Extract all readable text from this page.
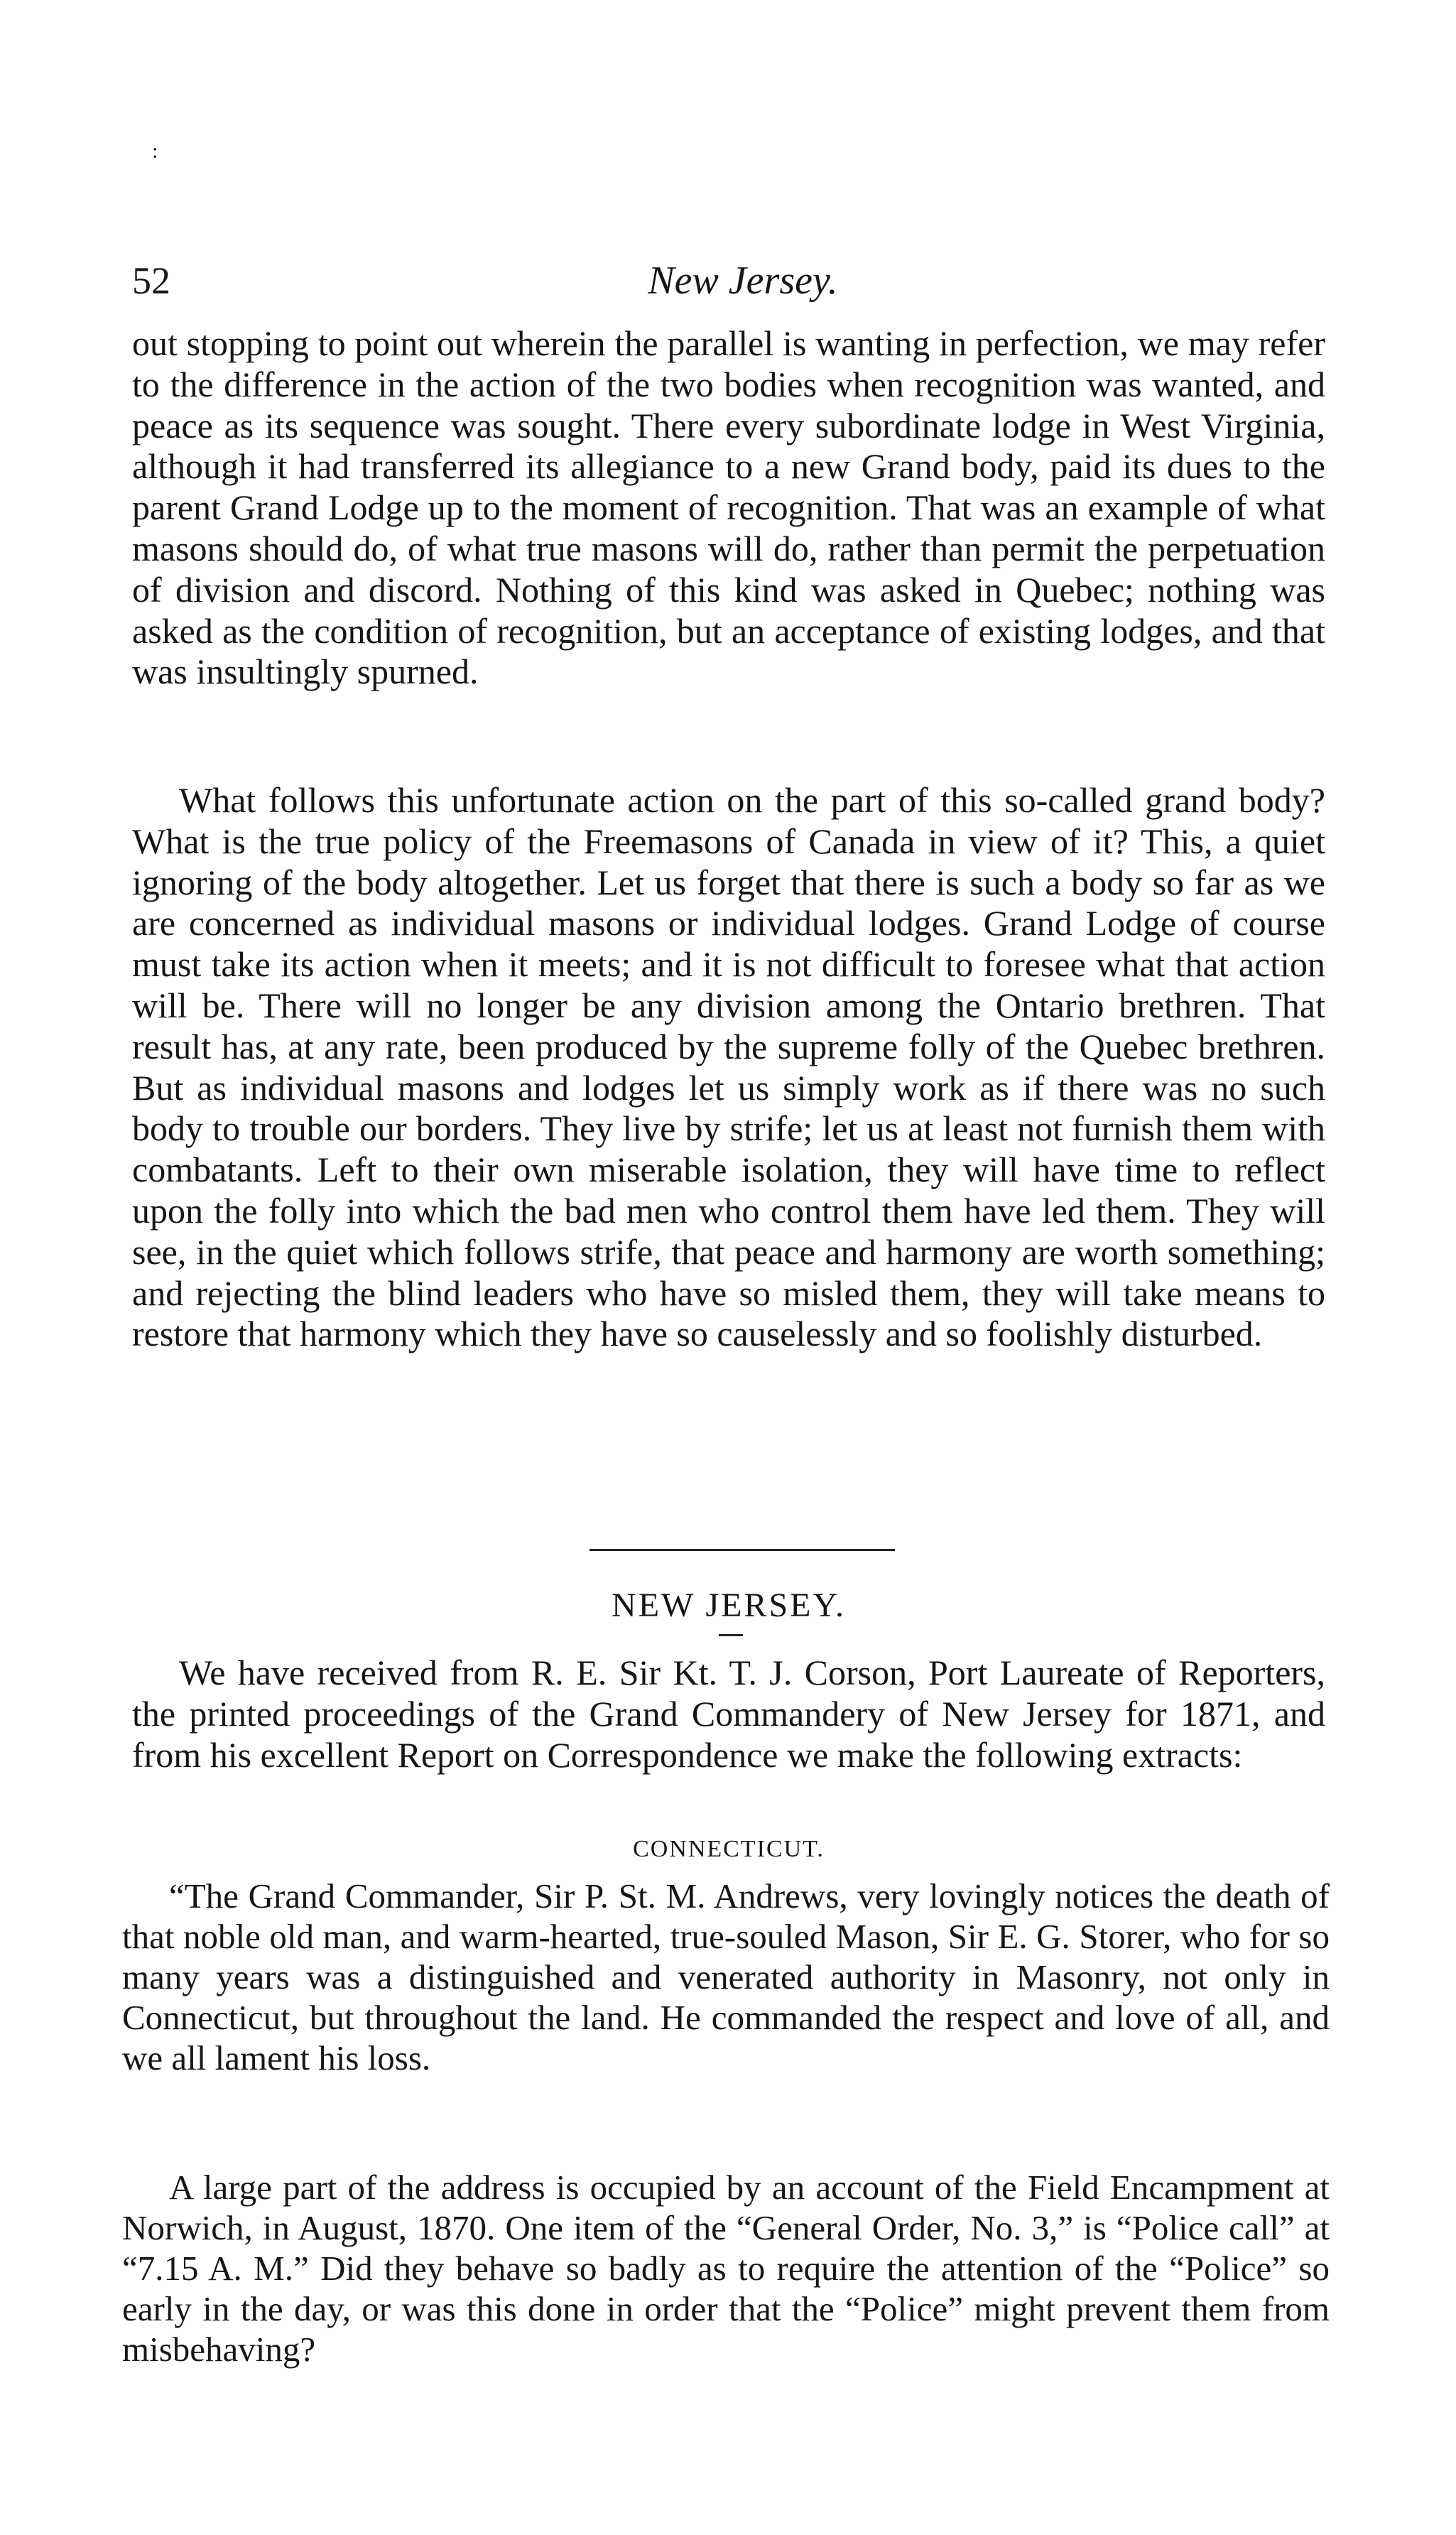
:
52	New Jersey.

out stopping to point out wherein the parallel is wanting in perfection, we may refer to the difference in the action of the two bodies when recognition was wanted, and peace as its sequence was sought. There every subordinate lodge in West Virginia, although it had transferred its allegiance to a new Grand body, paid its dues to the parent Grand Lodge up to the moment of recognition. That was an example of what masons should do, of what true masons will do, rather than permit the perpetuation of division and discord. Nothing of this kind was asked in Quebec; nothing was asked as the condition of recognition, but an acceptance of existing lodges, and that was insultingly spurned.

What follows this unfortunate action on the part of this so-called grand body? What is the true policy of the Freemasons of Canada in view of it? This, a quiet ignoring of the body altogether. Let us forget that there is such a body so far as we are concerned as individual masons or individual lodges. Grand Lodge of course must take its action when it meets; and it is not difficult to foresee what that action will be. There will no longer be any division among the Ontario brethren. That result has, at any rate, been produced by the supreme folly of the Quebec brethren. But as individual masons and lodges let us simply work as if there was no such body to trouble our borders. They live by strife; let us at least not furnish them with combatants. Left to their own miserable isolation, they will have time to reflect upon the folly into which the bad men who control them have led them. They will see, in the quiet which follows strife, that peace and harmony are worth something; and rejecting the blind leaders who have so misled them, they will take means to restore that harmony which they have so causelessly and so foolishly disturbed.

NEW JERSEY.

We have received from R. E. Sir Kt. T. J. Corson, Port Laureate of Reporters, the printed proceedings of the Grand Commandery of New Jersey for 1871, and from his excellent Report on Correspondence we make the following extracts:

CONNECTICUT.

“The Grand Commander, Sir P. St. M. Andrews, very lovingly notices the death of that noble old man, and warm-hearted, true-souled Mason, Sir E. G. Storer, who for so many years was a distinguished and venerated authority in Masonry, not only in Connecticut, but throughout the land. He commanded the respect and love of all, and we all lament his loss.

A large part of the address is occupied by an account of the Field Encampment at Norwich, in August, 1870. One item of the “General Order, No. 3,” is “Police call” at “7.15 A. M.” Did they behave so badly as to require the attention of the “Police” so early in the day, or was this done in order that the “Police” might prevent them from misbehaving?
